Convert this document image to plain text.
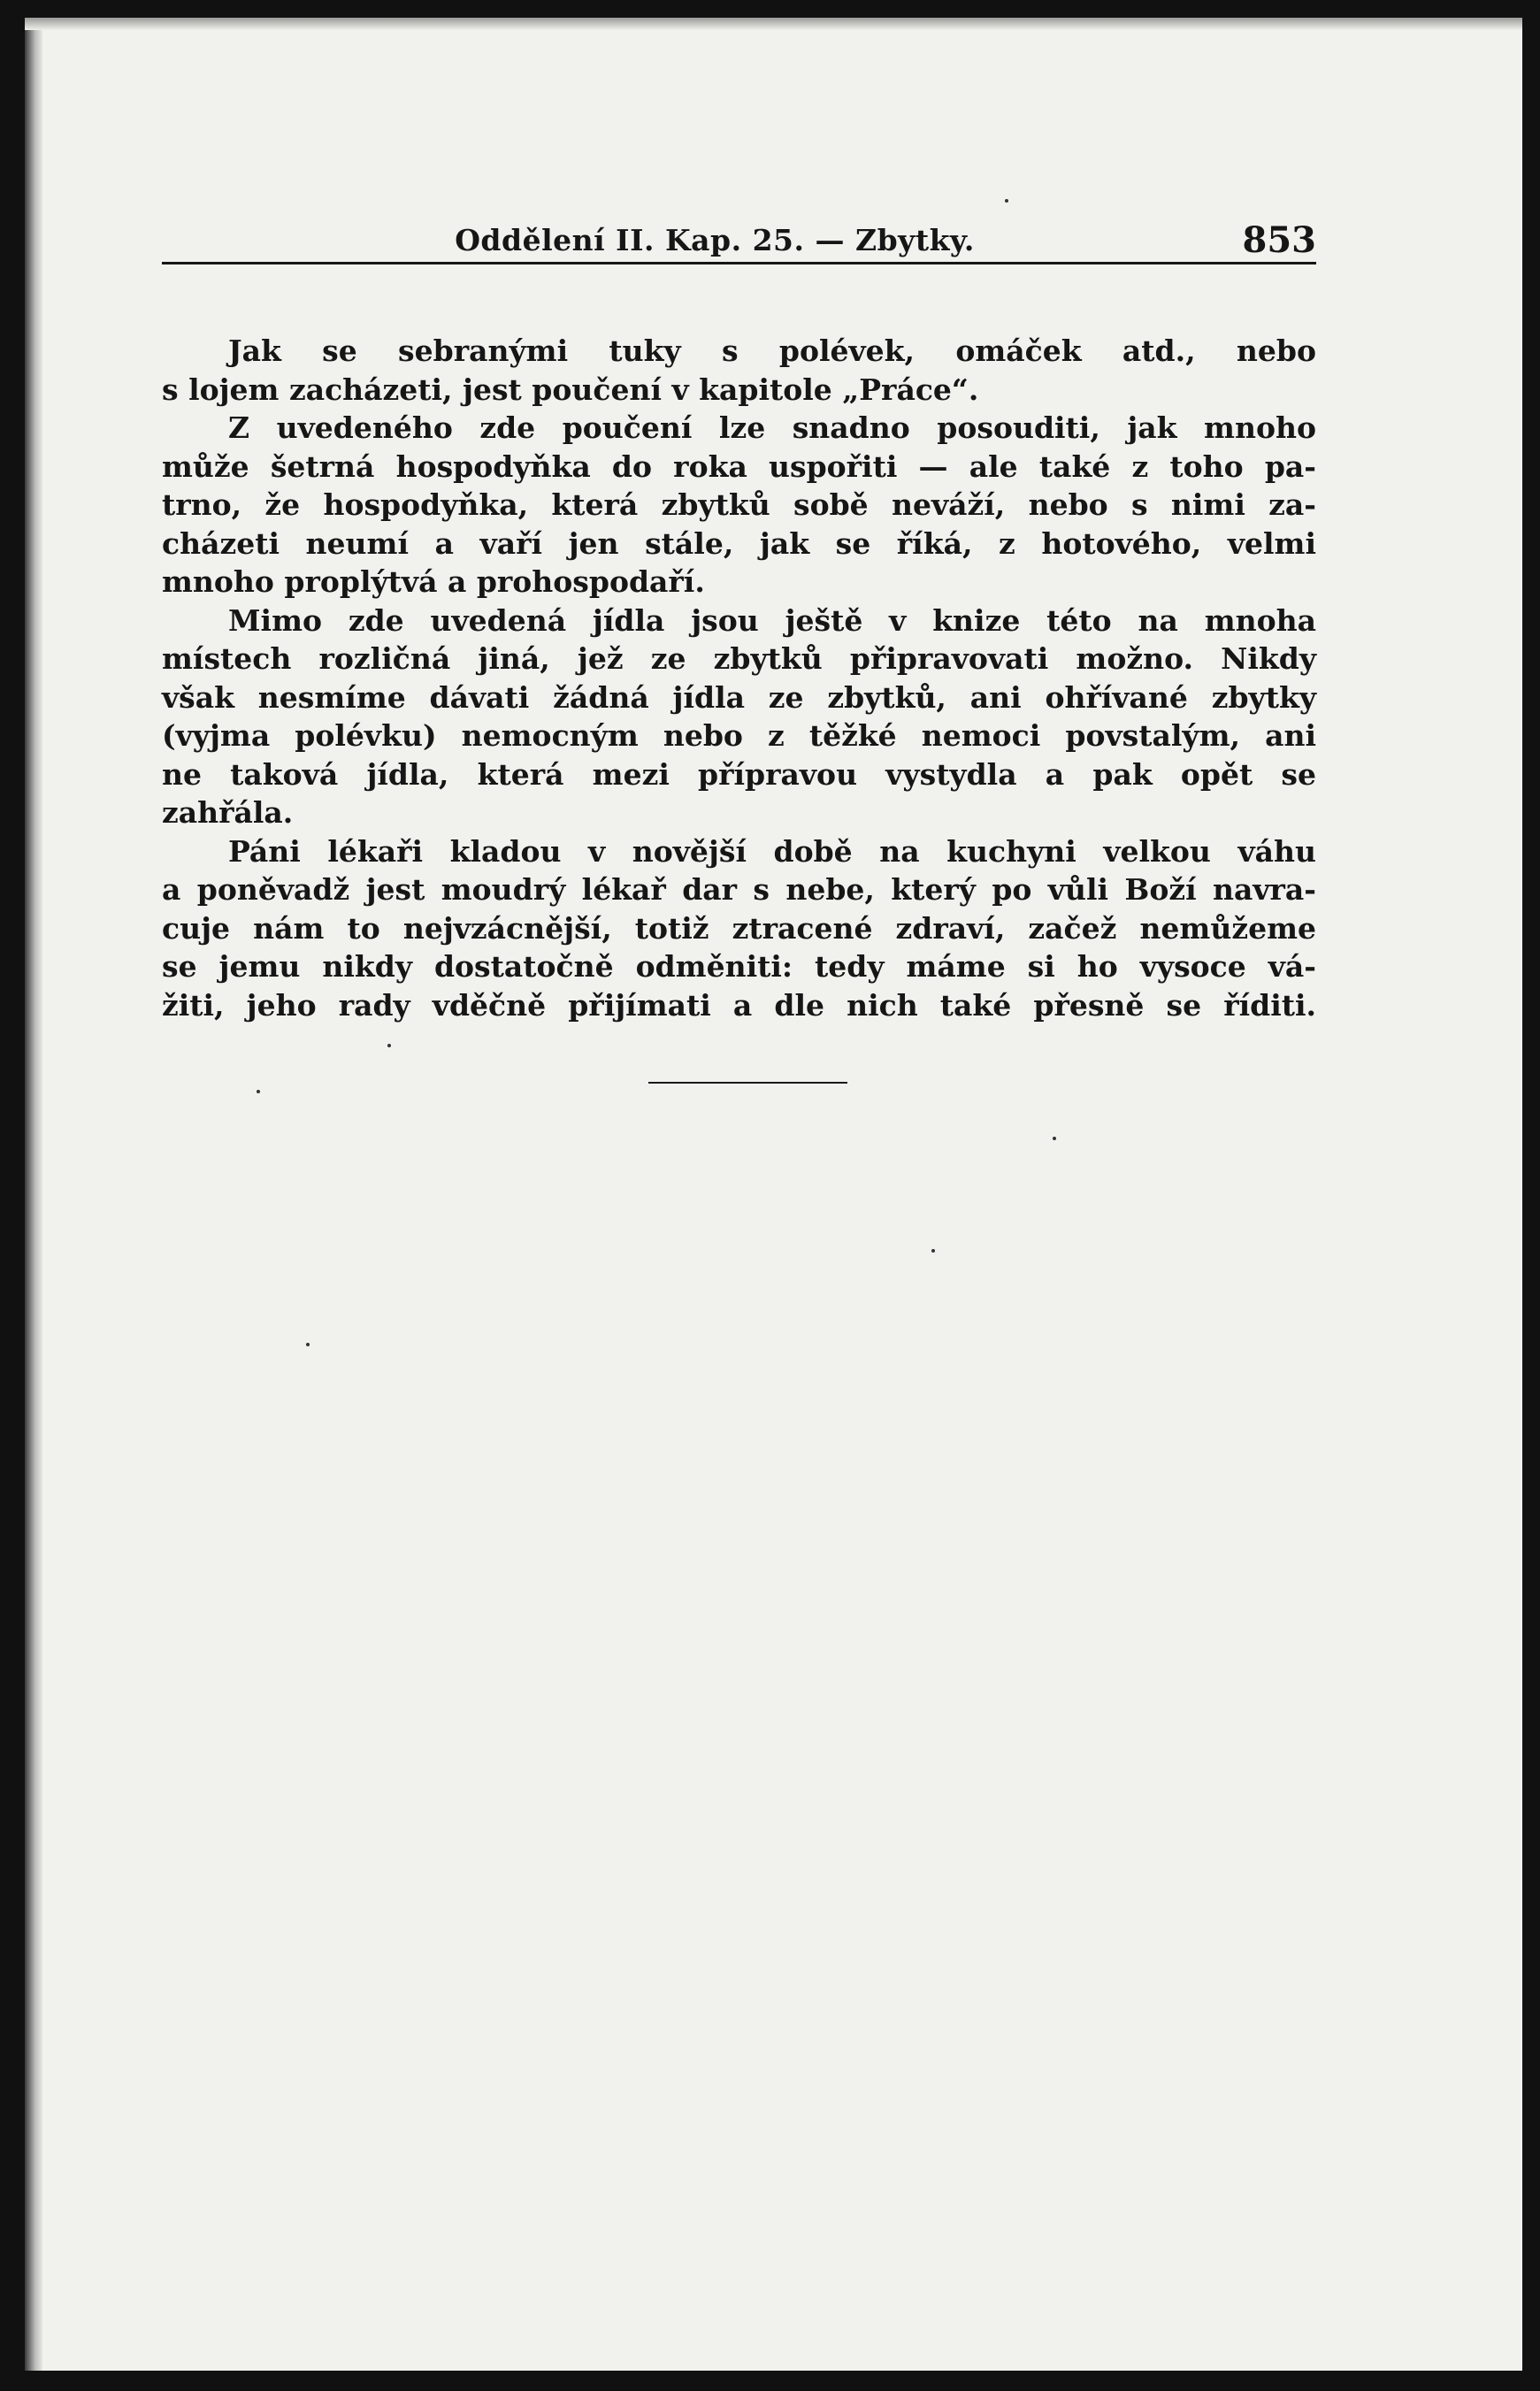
Oddělení II. Kap. 25. — Zbytky.	853
Jak se sebranými tuky s polévek, omáček atd., nebo
s lojem zacházeti, jest poučení v kapitole „Práce“.
Z uvedeného zde poučení lze snadno posouditi, jak mnoho
může šetrná hospodyňka do roka uspořiti — ale také z toho pa-
trno, že hospodyňka, která zbytků sobě neváží, nebo s nimi za-
cházeti neumí a vaří jen stále, jak se říká, z hotového, velmi
mnoho proplýtvá a prohospodaří.
Mimo zde uvedená jídla jsou ještě v knize této na mnoha
místech rozličná jiná, jež ze zbytků připravovati možno. Nikdy
však nesmíme dávati žádná jídla ze zbytků, ani ohřívané zbytky
(vyjma polévku) nemocným nebo z těžké nemoci povstalým, ani
ne taková jídla, která mezi přípravou vystydla a pak opět se
zahřála.
Páni lékaři kladou v novější době na kuchyni velkou váhu
a poněvadž jest moudrý lékař dar s nebe, který po vůli Boží navra-
cuje nám to nejvzácnější, totiž ztracené zdraví, začež nemůžeme
se jemu nikdy dostatočně odměniti: tedy máme si ho vysoce vá-
žiti, jeho rady vděčně přijímati a dle nich také přesně se říditi.
